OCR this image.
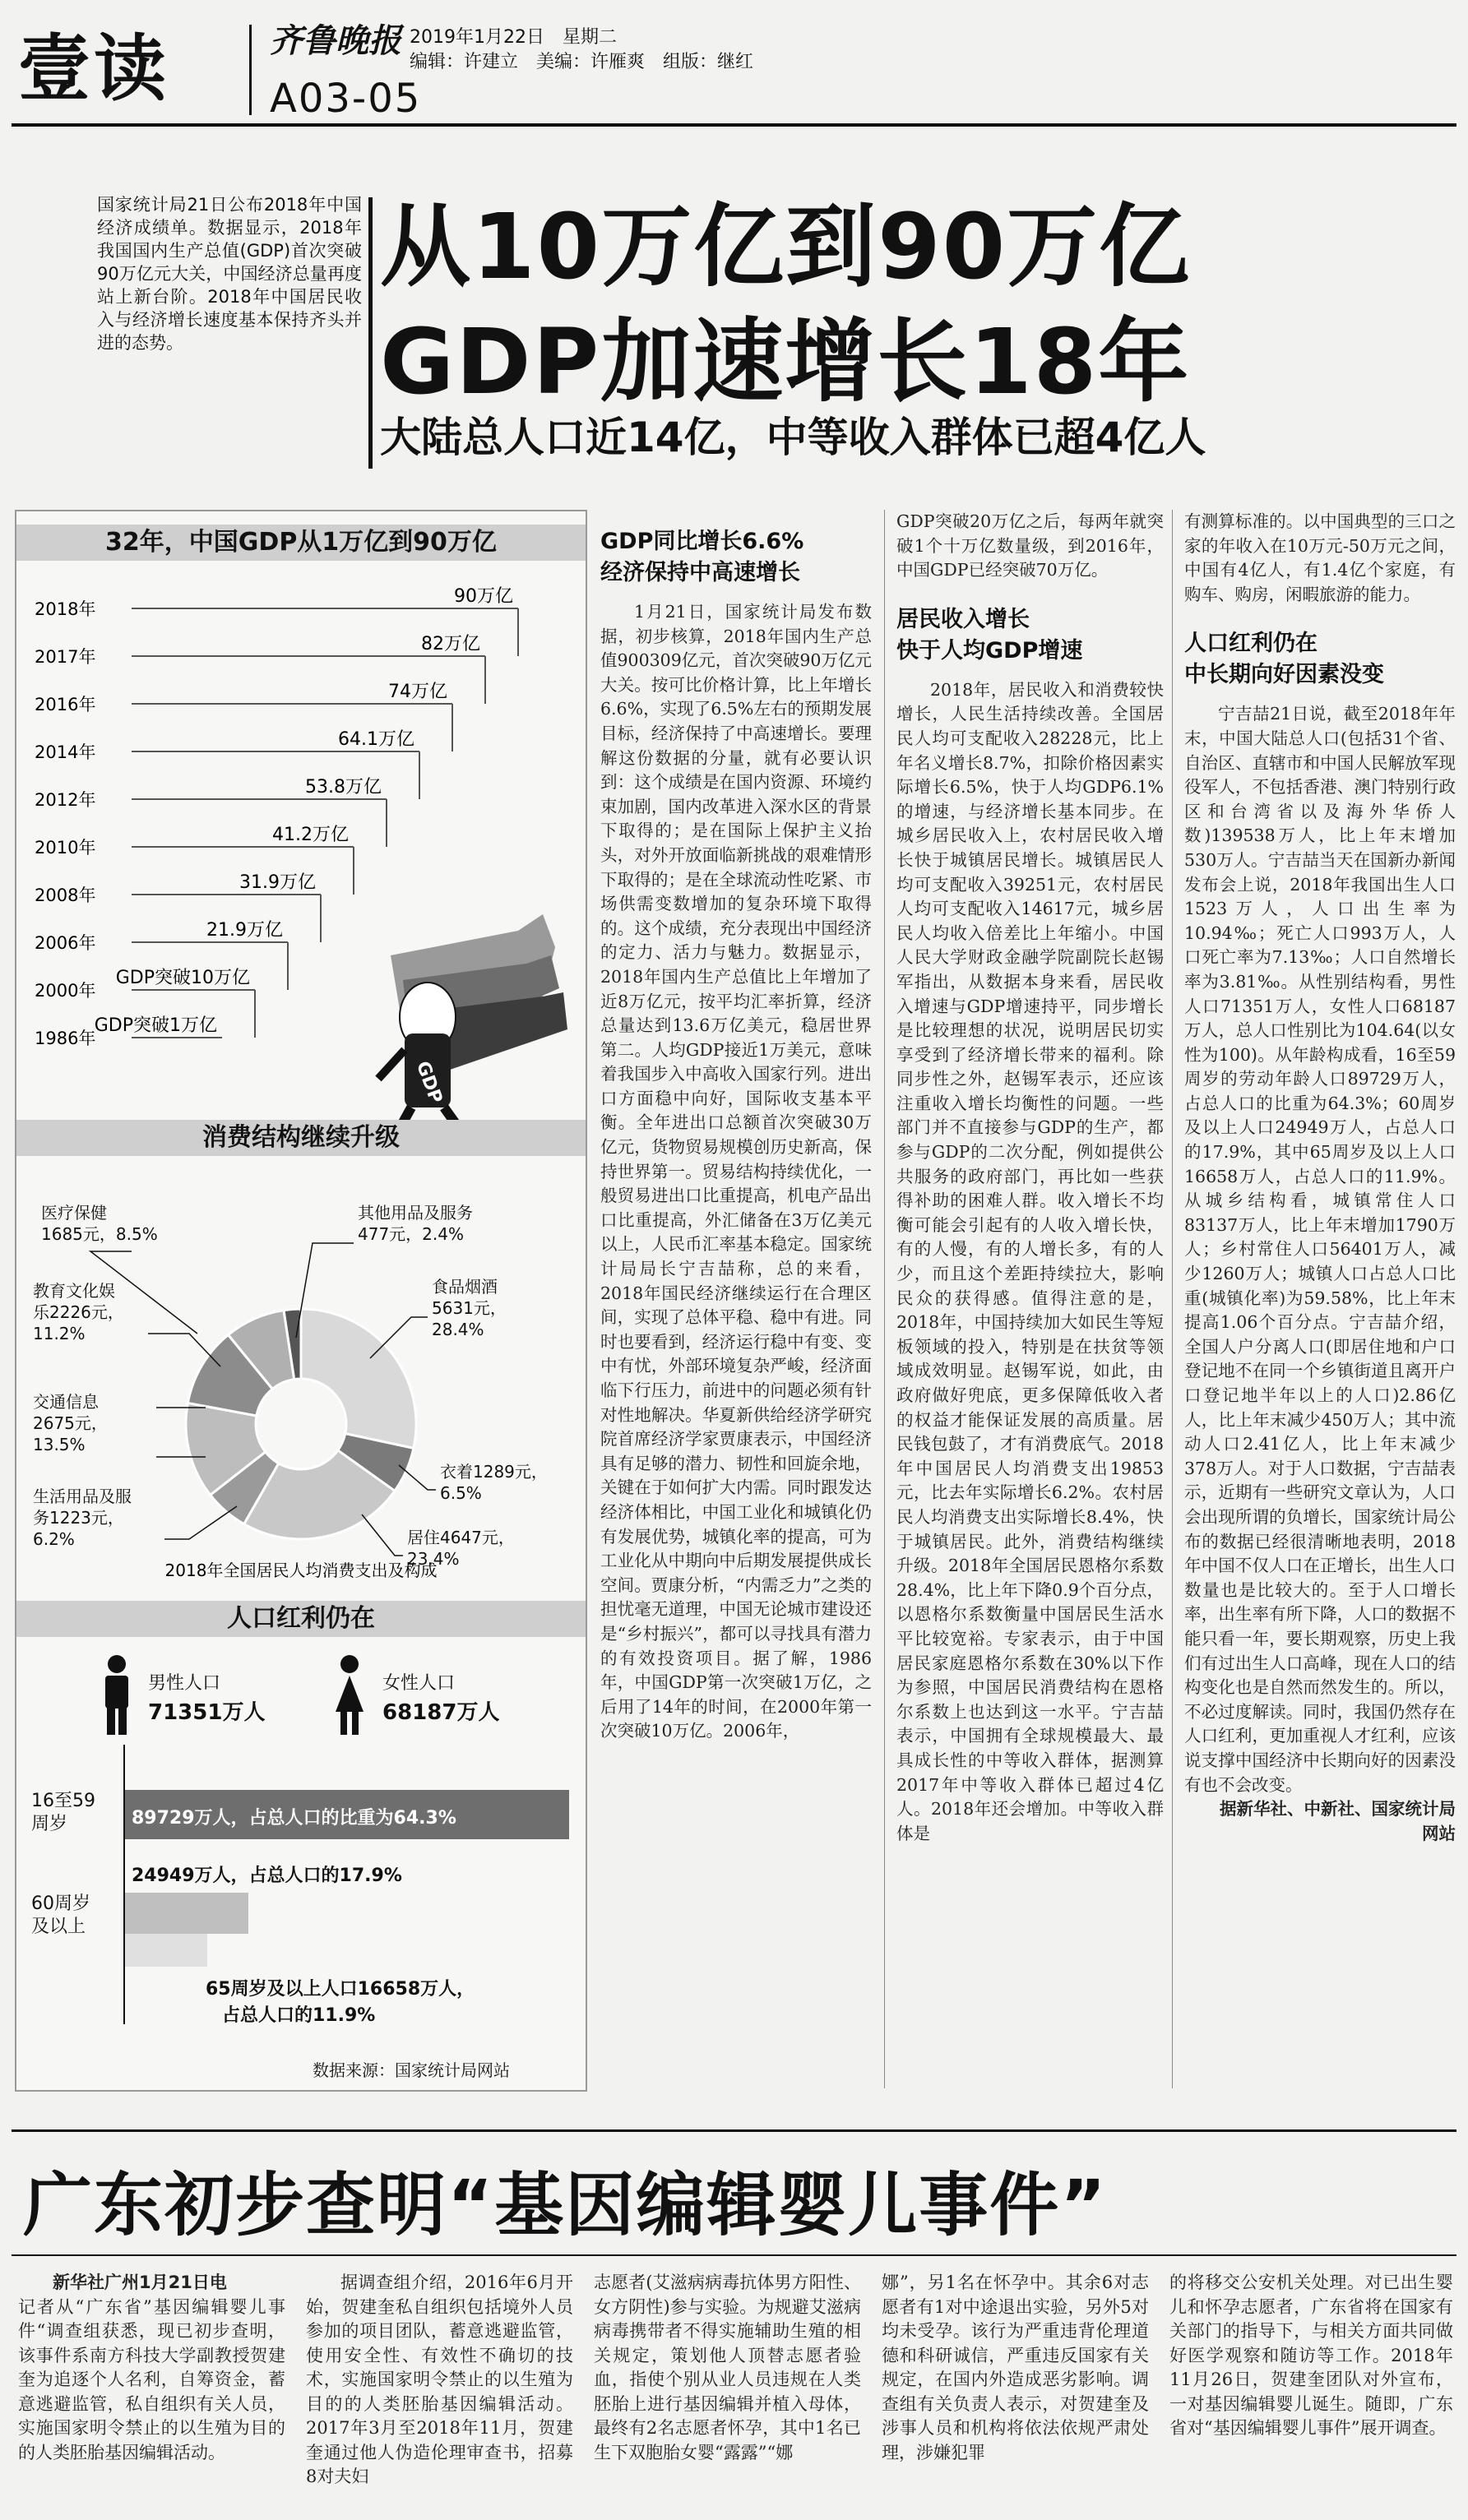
壹读	齐鲁晚报 2019年1月22日　星期二
编辑：许建立　美编：许雁爽　组版：继红
A03-05
国家统计局21日公布2018年中国经济成绩单。数据显示，2018年我国国内生产总值(GDP)首次突破90万亿元大关，中国经济总量再度站上新台阶。2018年中国居民收入与经济增长速度基本保持齐头并进的态势。
从10万亿到90万亿
GDP加速增长18年
大陆总人口近14亿，中等收入群体已超4亿人
32年，中国GDP从1万亿到90万亿
2018年
90万亿
2017年
82万亿
2016年
74万亿
2014年
64.1万亿
2012年
53.8万亿
2010年
41.2万亿
2008年
31.9万亿
2006年
21.9万亿
2000年
GDP突破10万亿
1986年
GDP突破1万亿
GDP
消费结构继续升级
医疗保健
1685元，8.5%
教育文化娱
乐2226元，
11.2%
交通信息
2675元，
13.5%
生活用品及服
务1223元，
6.2%
其他用品及服务
477元，2.4%
食品烟酒
5631元，
28.4%
衣着1289元，
6.5%
居住4647元，
23.4%
2018年全国居民人均消费支出及构成
人口红利仍在
男性人口
71351万人
女性人口
68187万人
16至59
周岁	89729万人，占总人口的比重为64.3%
60周岁
及以上
24949万人，占总人口的17.9%
65周岁及以上人口16658万人，
占总人口的11.9%
数据来源：国家统计局网站
GDP同比增长6.6%
经济保持中高速增长

1月21日，国家统计局发布数据，初步核算，2018年国内生产总值900309亿元，首次突破90万亿元大关。按可比价格计算，比上年增长6.6%，实现了6.5%左右的预期发展目标，经济保持了中高速增长。要理解这份数据的分量，就有必要认识到：这个成绩是在国内资源、环境约束加剧，国内改革进入深水区的背景下取得的；是在国际上保护主义抬头，对外开放面临新挑战的艰难情形下取得的；是在全球流动性吃紧、市场供需变数增加的复杂环境下取得的。这个成绩，充分表现出中国经济的定力、活力与魅力。数据显示，2018年国内生产总值比上年增加了近8万亿元，按平均汇率折算，经济总量达到13.6万亿美元，稳居世界第二。人均GDP接近1万美元，意味着我国步入中高收入国家行列。进出口方面稳中向好，国际收支基本平衡。全年进出口总额首次突破30万亿元，货物贸易规模创历史新高，保持世界第一。贸易结构持续优化，一般贸易进出口比重提高，机电产品出口比重提高，外汇储备在3万亿美元以上，人民币汇率基本稳定。国家统计局局长宁吉喆称，总的来看，2018年国民经济继续运行在合理区间，实现了总体平稳、稳中有进。同时也要看到，经济运行稳中有变、变中有忧，外部环境复杂严峻，经济面临下行压力，前进中的问题必须有针对性地解决。华夏新供给经济学研究院首席经济学家贾康表示，中国经济具有足够的潜力、韧性和回旋余地，关键在于如何扩大内需。同时跟发达经济体相比，中国工业化和城镇化仍有发展优势，城镇化率的提高，可为工业化从中期向中后期发展提供成长空间。贾康分析，“内需乏力”之类的担忧毫无道理，中国无论城市建设还是“乡村振兴”，都可以寻找具有潜力的有效投资项目。据了解，1986年，中国GDP第一次突破1万亿，之后用了14年的时间，在2000年第一次突破10万亿。2006年，

GDP突破20万亿之后，每两年就突破1个十万亿数量级，到2016年，中国GDP已经突破70万亿。

居民收入增长
快于人均GDP增速

2018年，居民收入和消费较快增长，人民生活持续改善。全国居民人均可支配收入28228元，比上年名义增长8.7%，扣除价格因素实际增长6.5%，快于人均GDP6.1%的增速，与经济增长基本同步。在城乡居民收入上，农村居民收入增长快于城镇居民增长。城镇居民人均可支配收入39251元，农村居民人均可支配收入14617元，城乡居民人均收入倍差比上年缩小。中国人民大学财政金融学院副院长赵锡军指出，从数据本身来看，居民收入增速与GDP增速持平，同步增长是比较理想的状况，说明居民切实享受到了经济增长带来的福利。除同步性之外，赵锡军表示，还应该注重收入增长均衡性的问题。一些部门并不直接参与GDP的生产，都参与GDP的二次分配，例如提供公共服务的政府部门，再比如一些获得补助的困难人群。收入增长不均衡可能会引起有的人收入增长快，有的人慢，有的人增长多，有的人少，而且这个差距持续拉大，影响民众的获得感。值得注意的是，2018年，中国持续加大如民生等短板领域的投入，特别是在扶贫等领域成效明显。赵锡军说，如此，由政府做好兜底，更多保障低收入者的权益才能保证发展的高质量。居民钱包鼓了，才有消费底气。2018年中国居民人均消费支出19853元，比去年实际增长6.2%。农村居民人均消费支出实际增长8.4%，快于城镇居民。此外，消费结构继续升级。2018年全国居民恩格尔系数28.4%，比上年下降0.9个百分点，以恩格尔系数衡量中国居民生活水平比较宽裕。专家表示，由于中国居民家庭恩格尔系数在30%以下作为参照，中国居民消费结构在恩格尔系数上也达到这一水平。宁吉喆表示，中国拥有全球规模最大、最具成长性的中等收入群体，据测算2017年中等收入群体已超过4亿人。2018年还会增加。中等收入群体是

有测算标准的。以中国典型的三口之家的年收入在10万元-50万元之间，中国有4亿人，有1.4亿个家庭，有购车、购房，闲暇旅游的能力。

人口红利仍在
中长期向好因素没变

宁吉喆21日说，截至2018年年末，中国大陆总人口(包括31个省、自治区、直辖市和中国人民解放军现役军人，不包括香港、澳门特别行政区和台湾省以及海外华侨人数)139538万人，比上年末增加530万人。宁吉喆当天在国新办新闻发布会上说，2018年我国出生人口1523万人，人口出生率为10.94‰；死亡人口993万人，人口死亡率为7.13‰；人口自然增长率为3.81‰。从性别结构看，男性人口71351万人，女性人口68187万人，总人口性别比为104.64(以女性为100)。从年龄构成看，16至59周岁的劳动年龄人口89729万人，占总人口的比重为64.3%；60周岁及以上人口24949万人，占总人口的17.9%，其中65周岁及以上人口16658万人，占总人口的11.9%。从城乡结构看，城镇常住人口83137万人，比上年末增加1790万人；乡村常住人口56401万人，减少1260万人；城镇人口占总人口比重(城镇化率)为59.58%，比上年末提高1.06个百分点。宁吉喆介绍，全国人户分离人口(即居住地和户口登记地不在同一个乡镇街道且离开户口登记地半年以上的人口)2.86亿人，比上年末减少450万人；其中流动人口2.41亿人，比上年末减少378万人。对于人口数据，宁吉喆表示，近期有一些研究文章认为，人口会出现所谓的负增长，国家统计局公布的数据已经很清晰地表明，2018年中国不仅人口在正增长，出生人口数量也是比较大的。至于人口增长率，出生率有所下降，人口的数据不能只看一年，要长期观察，历史上我们有过出生人口高峰，现在人口的结构变化也是自然而然发生的。所以，不必过度解读。同时，我国仍然存在人口红利，更加重视人才红利，应该说支撑中国经济中长期向好的因素没有也不会改变。

据新华社、中新社、国家统计局网站

广东初步查明“基因编辑婴儿事件”

新华社广州1月21日电

记者从“广东省”基因编辑婴儿事件“调查组获悉，现已初步查明，该事件系南方科技大学副教授贺建奎为追逐个人名利，自筹资金，蓄意逃避监管，私自组织有关人员，实施国家明令禁止的以生殖为目的的人类胚胎基因编辑活动。

据调查组介绍，2016年6月开始，贺建奎私自组织包括境外人员参加的项目团队，蓄意逃避监管，使用安全性、有效性不确切的技术，实施国家明令禁止的以生殖为目的的人类胚胎基因编辑活动。2017年3月至2018年11月，贺建奎通过他人伪造伦理审查书，招募8对夫妇

志愿者(艾滋病病毒抗体男方阳性、女方阴性)参与实验。为规避艾滋病病毒携带者不得实施辅助生殖的相关规定，策划他人顶替志愿者验血，指使个别从业人员违规在人类胚胎上进行基因编辑并植入母体，最终有2名志愿者怀孕，其中1名已生下双胞胎女婴“露露”“娜

娜”，另1名在怀孕中。其余6对志愿者有1对中途退出实验，另外5对均未受孕。该行为严重违背伦理道德和科研诚信，严重违反国家有关规定，在国内外造成恶劣影响。调查组有关负责人表示，对贺建奎及涉事人员和机构将依法依规严肃处理，涉嫌犯罪

的将移交公安机关处理。对已出生婴儿和怀孕志愿者，广东省将在国家有关部门的指导下，与相关方面共同做好医学观察和随访等工作。2018年11月26日，贺建奎团队对外宣布，一对基因编辑婴儿诞生。随即，广东省对“基因编辑婴儿事件”展开调查。
